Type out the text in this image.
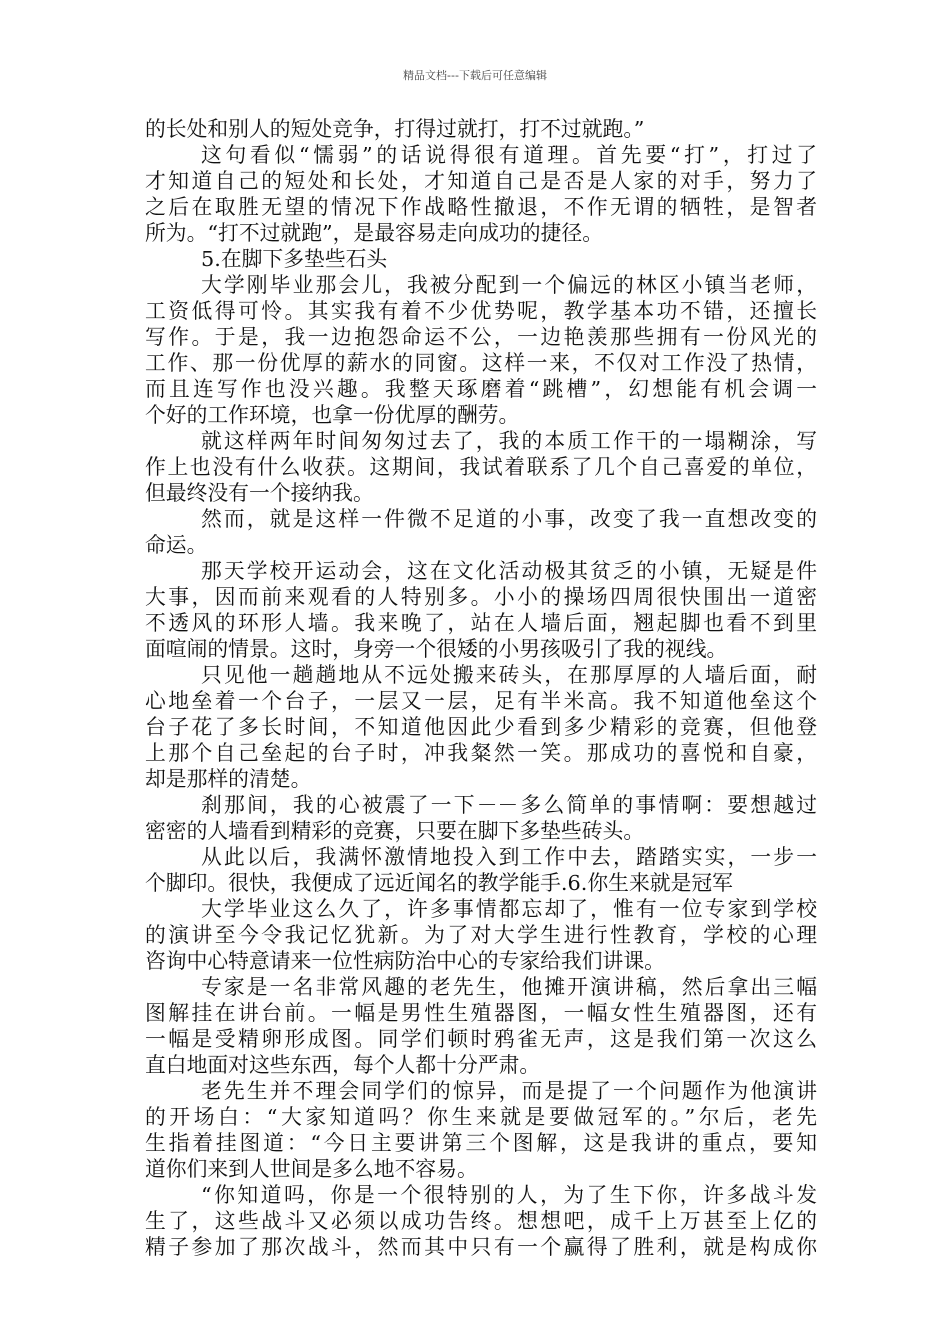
精品文档---下载后可任意编辑
的长处和别人的短处竞争，打得过就打，打不过就跑。”
这句看似“懦弱”的话说得很有道理。首先要“打”，打过了
才知道自己的短处和长处，才知道自己是否是人家的对手，努力了
之后在取胜无望的情况下作战略性撤退，不作无谓的牺牲，是智者
所为。“打不过就跑”，是最容易走向成功的捷径。
5.在脚下多垫些石头
大学刚毕业那会儿，我被分配到一个偏远的林区小镇当老师，
工资低得可怜。其实我有着不少优势呢，教学基本功不错，还擅长
写作。于是，我一边抱怨命运不公，一边艳羡那些拥有一份风光的
工作、那一份优厚的薪水的同窗。这样一来，不仅对工作没了热情，
而且连写作也没兴趣。我整天琢磨着“跳槽”，幻想能有机会调一
个好的工作环境，也拿一份优厚的酬劳。
就这样两年时间匆匆过去了，我的本质工作干的一塌糊涂，写
作上也没有什么收获。这期间，我试着联系了几个自己喜爱的单位，
但最终没有一个接纳我。
然而，就是这样一件微不足道的小事，改变了我一直想改变的
命运。
那天学校开运动会，这在文化活动极其贫乏的小镇，无疑是件
大事，因而前来观看的人特别多。小小的操场四周很快围出一道密
不透风的环形人墙。我来晚了，站在人墙后面，翘起脚也看不到里
面喧闹的情景。这时，身旁一个很矮的小男孩吸引了我的视线。
只见他一趟趟地从不远处搬来砖头，在那厚厚的人墙后面，耐
心地垒着一个台子，一层又一层，足有半米高。我不知道他垒这个
台子花了多长时间，不知道他因此少看到多少精彩的竞赛，但他登
上那个自己垒起的台子时，冲我粲然一笑。那成功的喜悦和自豪，
却是那样的清楚。
刹那间，我的心被震了一下－－多么简单的事情啊：要想越过
密密的人墙看到精彩的竞赛，只要在脚下多垫些砖头。
从此以后，我满怀激情地投入到工作中去，踏踏实实，一步一
个脚印。很快，我便成了远近闻名的教学能手.6.你生来就是冠军
大学毕业这么久了，许多事情都忘却了，惟有一位专家到学校
的演讲至今令我记忆犹新。为了对大学生进行性教育，学校的心理
咨询中心特意请来一位性病防治中心的专家给我们讲课。
专家是一名非常风趣的老先生，他摊开演讲稿，然后拿出三幅
图解挂在讲台前。一幅是男性生殖器图，一幅女性生殖器图，还有
一幅是受精卵形成图。同学们顿时鸦雀无声，这是我们第一次这么
直白地面对这些东西，每个人都十分严肃。
老先生并不理会同学们的惊异，而是提了一个问题作为他演讲
的开场白：“大家知道吗？你生来就是要做冠军的。”尔后，老先
生指着挂图道：“今日主要讲第三个图解，这是我讲的重点，要知
道你们来到人世间是多么地不容易。
“你知道吗，你是一个很特别的人，为了生下你，许多战斗发
生了，这些战斗又必须以成功告终。想想吧，成千上万甚至上亿的
精子参加了那次战斗，然而其中只有一个赢得了胜利，就是构成你
